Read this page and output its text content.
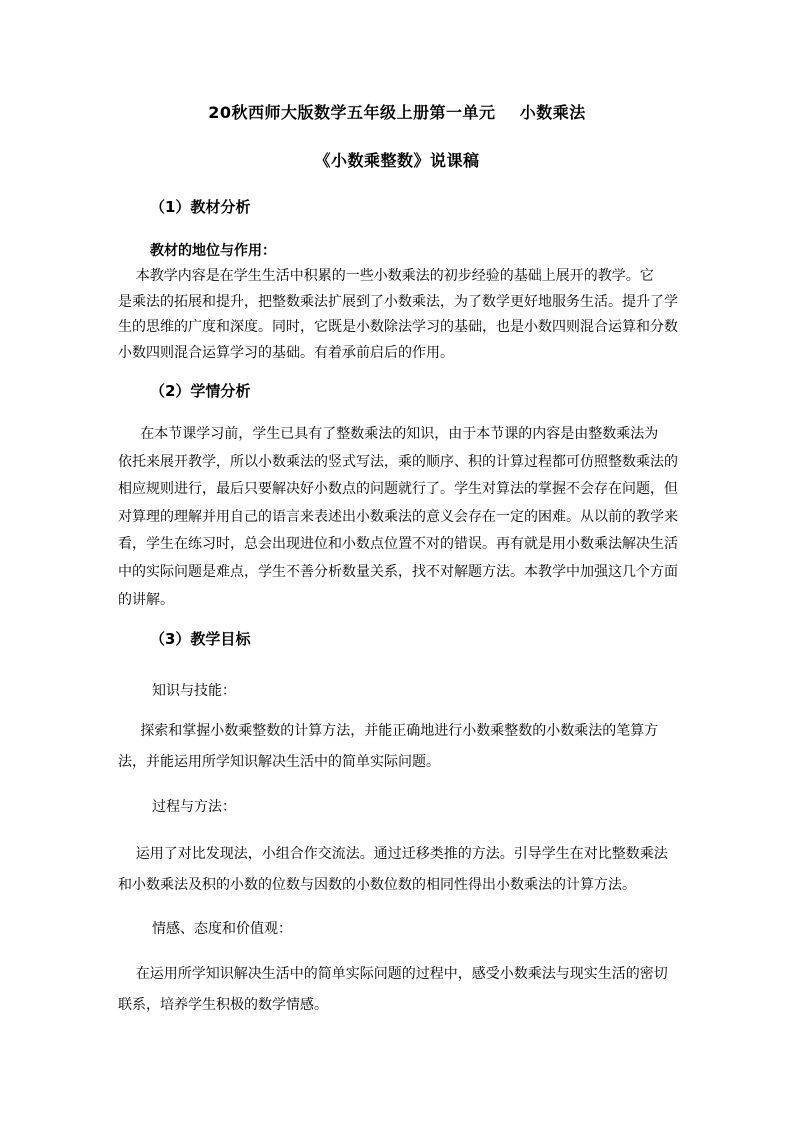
20秋西师大版数学五年级上册第一单元    小数乘法
《小数乘整数》说课稿
（1）教材分析
教材的地位与作用：
本教学内容是在学生生活中积累的一些小数乘法的初步经验的基础上展开的教学。它
是乘法的拓展和提升，把整数乘法扩展到了小数乘法，为了数学更好地服务生活。提升了学
生的思维的广度和深度。同时，它既是小数除法学习的基础，也是小数四则混合运算和分数
小数四则混合运算学习的基础。有着承前启后的作用。
（2）学情分析
在本节课学习前，学生已具有了整数乘法的知识，由于本节课的内容是由整数乘法为
依托来展开教学，所以小数乘法的竖式写法，乘的顺序、积的计算过程都可仿照整数乘法的
相应规则进行，最后只要解决好小数点的问题就行了。学生对算法的掌握不会存在问题，但
对算理的理解并用自己的语言来表述出小数乘法的意义会存在一定的困难。从以前的教学来
看，学生在练习时，总会出现进位和小数点位置不对的错误。再有就是用小数乘法解决生活
中的实际问题是难点，学生不善分析数量关系，找不对解题方法。本教学中加强这几个方面
的讲解。
（3）教学目标
知识与技能：
探索和掌握小数乘整数的计算方法，并能正确地进行小数乘整数的小数乘法的笔算方
法，并能运用所学知识解决生活中的简单实际问题。
过程与方法：
运用了对比发现法，小组合作交流法。通过迁移类推的方法。引导学生在对比整数乘法
和小数乘法及积的小数的位数与因数的小数位数的相同性得出小数乘法的计算方法。
情感、态度和价值观：
在运用所学知识解决生活中的简单实际问题的过程中，感受小数乘法与现实生活的密切
联系，培养学生积极的数学情感。
